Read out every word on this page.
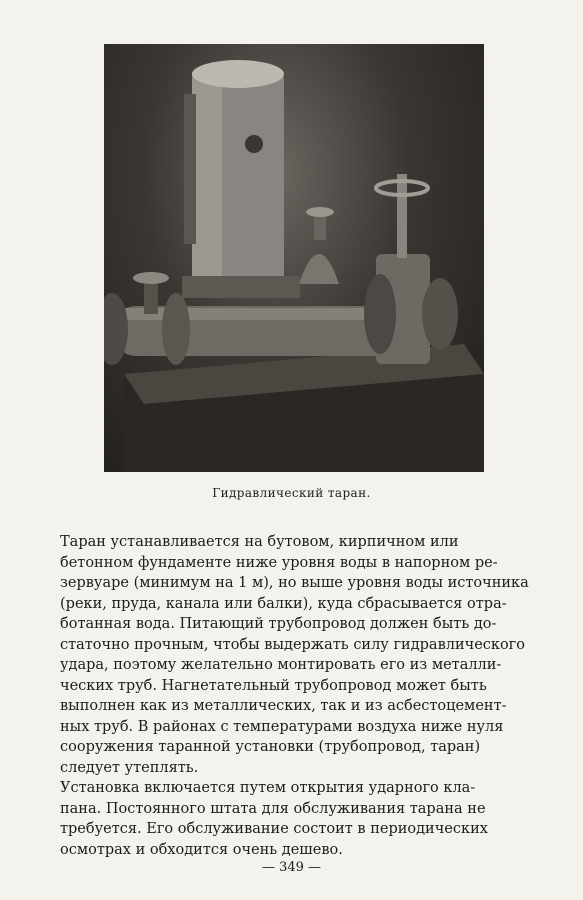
Гидравлический таран.

Таран устанавливается на бутовом, кирпичном или
бетонном фундаменте ниже уровня воды в напорном ре-
зервуаре (минимум на 1 м), но выше уровня воды источника
(реки, пруда, канала или балки), куда сбрасывается отра-
ботанная вода. Питающий трубопровод должен быть до-
статочно прочным, чтобы выдержать силу гидравлического
удара, поэтому желательно монтировать его из металли-
ческих труб. Нагнетательный трубопровод может быть
выполнен как из металлических, так и из асбестоцемент-
ных труб. В районах с температурами воздуха ниже нуля
сооружения таранной установки (трубопровод, таран)
следует утеплять.

Установка включается путем открытия ударного кла-
пана. Постоянного штата для обслуживания тарана не
требуется. Его обслуживание состоит в периодических
осмотрах и обходится очень дешево.

— 349 —
